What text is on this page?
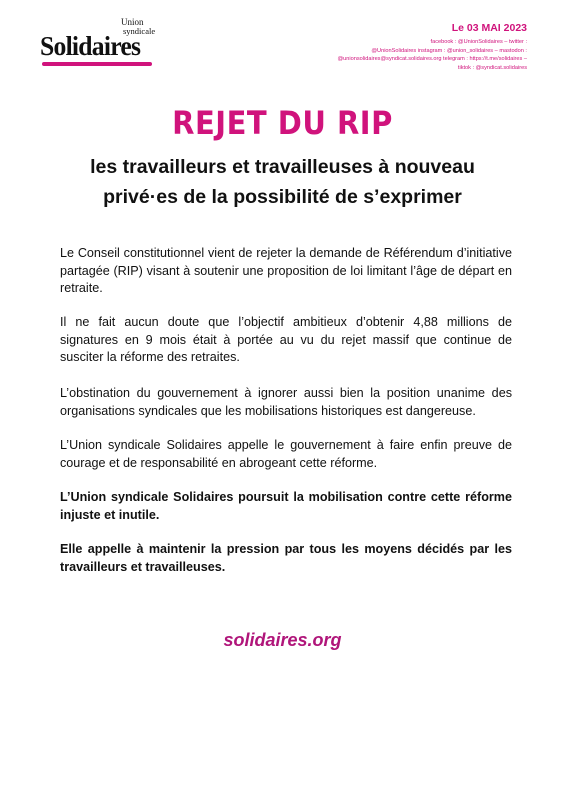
Union
syndicale
Solidaires
Le 03 MAI 2023
facebook : @UnionSolidaires – twitter :
@UnionSolidaires instagram : @union_solidaires – mastodon :
@unionsolidaires@syndicat.solidaires.org telegram : https://t.me/solidaires –
tiktok : @syndicat.solidaires
REJET DU RIP
les travailleurs et travailleuses à nouveau
privé·es de la possibilité de s’exprimer

Le Conseil constitutionnel vient de rejeter la demande de Référendum d’initiative partagée (RIP) visant à soutenir une proposition de loi limitant l’âge de départ en retraite.

Il ne fait aucun doute que l’objectif ambitieux d’obtenir 4,88 millions de signatures en 9 mois était à portée au vu du rejet massif que continue de susciter la réforme des retraites.

L’obstination du gouvernement à ignorer aussi bien la position unanime des organisations syndicales que les mobilisations historiques est dangereuse.

L’Union syndicale Solidaires appelle le gouvernement à faire enfin preuve de courage et de responsabilité en abrogeant cette réforme.

L’Union syndicale Solidaires poursuit la mobilisation contre cette réforme injuste et inutile.

Elle appelle à maintenir la pression par tous les moyens décidés par les travailleurs et travailleuses.

solidaires.org
